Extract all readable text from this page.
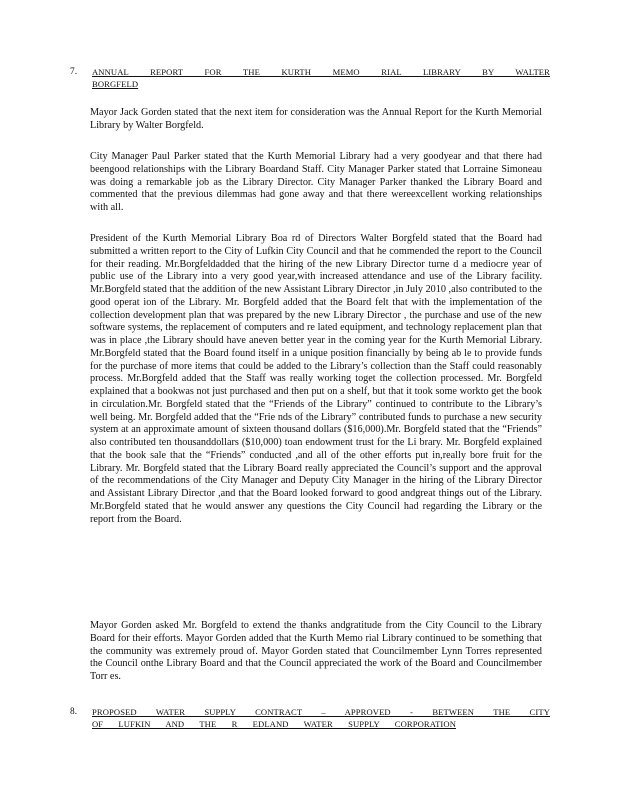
7. ANNUAL REPORT FOR THE KURTH MEMO RIAL LIBRARY BY WALTER
BORGFELD

Mayor Jack Gorden stated that the next item for consideration was the Annual Report for the Kurth Memorial Library by Walter Borgfeld.

City Manager Paul Parker stated that the Kurth Memorial Library had a very goodyear and that there had beengood relationships with the Library Boardand Staff. City Manager Parker stated that Lorraine Simoneau was doing a remarkable job as the Library Director. City Manager Parker thanked the Library Board and commented that the previous dilemmas had gone away and that there wereexcellent working relationships with all.

President of the Kurth Memorial Library Boa rd of Directors Walter Borgfeld stated that the Board had submitted a written report to the City of Lufkin City Council and that he commended the report to the Council for their reading. Mr.Borgfeldadded that the hiring of the new Library Director turne d a mediocre year of public use of the Library into a very good year,with increased attendance and use of the Library facility. Mr.Borgfeld stated that the addition of the new Assistant Library Director ,in July 2010 ,also contributed to the good operat ion of the Library. Mr. Borgfeld added that the Board felt that with the implementation of the collection development plan that was prepared by the new Library Director , the purchase and use of the new software systems, the replacement of computers and re lated equipment, and technology replacement plan that was in place ,the Library should have aneven better year in the coming year for the Kurth Memorial Library. Mr.Borgfeld stated that the Board found itself in a unique position financially by being ab le to provide funds for the purchase of more items that could be added to the Library’s collection than the Staff could reasonably process. Mr.Borgfeld added that the Staff was really working toget the collection processed. Mr. Borgfeld explained that a bookwas not just purchased and then put on a shelf, but that it took some workto get the book in circulation.Mr. Borgfeld stated that the “Friends of the Library” continued to contribute to the Library’s well being. Mr. Borgfeld added that the “Frie nds of the Library” contributed funds to purchase a new security system at an approximate amount of sixteen thousand dollars ($16,000).Mr. Borgfeld stated that the “Friends” also contributed ten thousanddollars ($10,000) toan endowment trust for the Li brary. Mr. Borgfeld explained that the book sale that the “Friends” conducted ,and all of the other efforts put in,really bore fruit for the Library. Mr. Borgfeld stated that the Library Board really appreciated the Council’s support and the approval of the recommendations of the City Manager and Deputy City Manager in the hiring of the Library Director and Assistant Library Director ,and that the Board looked forward to good andgreat things out of the Library. Mr.Borgfeld stated that he would answer any questions the City Council had regarding the Library or the report from the Board.

Mayor Gorden asked Mr. Borgfeld to extend the thanks andgratitude from the City Council to the Library Board for their efforts. Mayor Gorden added that the Kurth Memo rial Library continued to be something that the community was extremely proud of. Mayor Gorden stated that Councilmember Lynn Torres represented the Council onthe Library Board and that the Council appreciated the work of the Board and Councilmember Torr es.

8. PROPOSED WATER SUPPLY CONTRACT – APPROVED - BETWEEN THE CITY
OF LUFKIN AND THE R EDLAND WATER SUPPLY CORPORATION
